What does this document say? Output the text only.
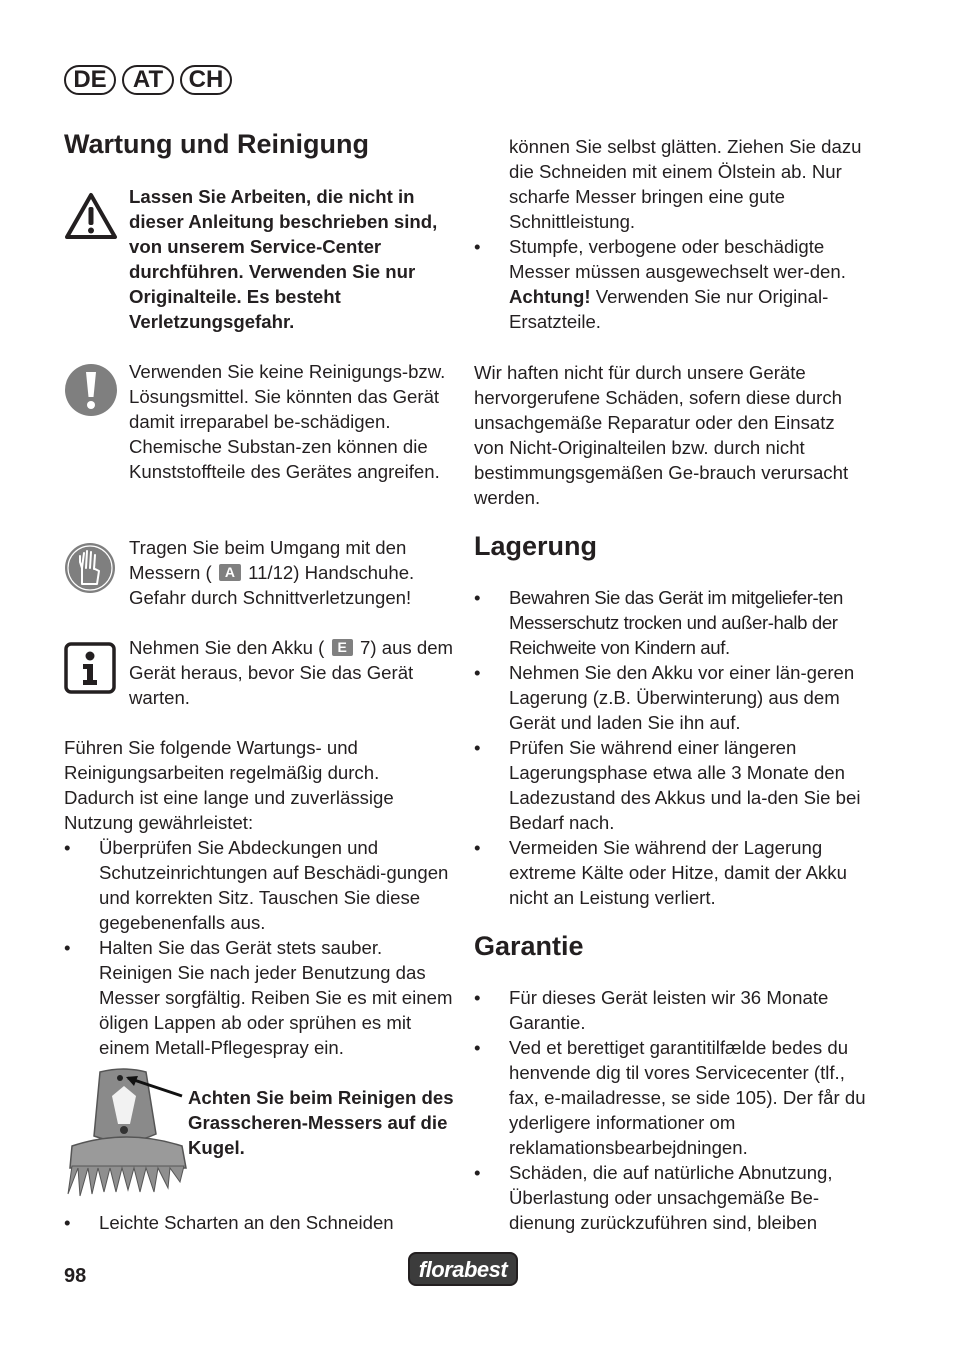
DE	AT	CH
Wartung und Reinigung

Lassen Sie Arbeiten, die nicht in dieser Anleitung beschrieben sind, von unserem Service-Center durchführen. Verwenden Sie nur Originalteile. Es besteht Verletzungsgefahr.

Verwenden Sie keine Reinigungs-bzw. Lösungsmittel. Sie könnten das Gerät damit irreparabel be-schädigen. Chemische Substan-zen können die Kunststoffteile des Gerätes angreifen.

Tragen Sie beim Umgang mit den Messern ( A 11/12) Handschuhe. Gefahr durch Schnittverletzungen!

Nehmen Sie den Akku ( E 7) aus dem Gerät heraus, bevor Sie das Gerät warten.

Führen Sie folgende Wartungs- und Reinigungsarbeiten regelmäßig durch. Dadurch ist eine lange und zuverlässige Nutzung gewährleistet:

• Überprüfen Sie Abdeckungen und Schutzeinrichtungen auf Beschädi-gungen und korrekten Sitz. Tauschen Sie diese gegebenenfalls aus.
• Halten Sie das Gerät stets sauber. Reinigen Sie nach jeder Benutzung das Messer sorgfältig. Reiben Sie es mit einem öligen Lappen ab oder sprühen es mit einem Metall-Pflegespray ein.

Achten Sie beim Reinigen des Grasscheren-Messers auf die Kugel.

• Leichte Scharten an den Schneiden

können Sie selbst glätten. Ziehen Sie dazu die Schneiden mit einem Ölstein ab. Nur scharfe Messer bringen eine gute Schnittleistung.

• Stumpfe, verbogene oder beschädigte Messer müssen ausgewechselt wer-den. Achtung! Verwenden Sie nur Original-Ersatzteile.

Wir haften nicht für durch unsere Geräte hervorgerufene Schäden, sofern diese durch unsachgemäße Reparatur oder den Einsatz von Nicht-Originalteilen bzw. durch nicht bestimmungsgemäßen Ge-brauch verursacht werden.

Lagerung
• Bewahren Sie das Gerät im mitgeliefer-ten Messerschutz trocken und außer-halb der Reichweite von Kindern auf.
• Nehmen Sie den Akku vor einer län-geren Lagerung (z.B. Überwinterung) aus dem Gerät und laden Sie ihn auf.
• Prüfen Sie während einer längeren Lagerungsphase etwa alle 3 Monate den Ladezustand des Akkus und la-den Sie bei Bedarf nach.
• Vermeiden Sie während der Lagerung extreme Kälte oder Hitze, damit der Akku nicht an Leistung verliert.
Garantie
• Für dieses Gerät leisten wir 36 Monate Garantie.
• Ved et berettiget garantitilfælde bedes du henvende dig til vores Servicecenter (tlf., fax, e-mailadresse, se side 105). Der får du yderligere informationer om reklamationsbearbejdningen.
• Schäden, die auf natürliche Abnutzung, Überlastung oder unsachgemäße Be-dienung zurückzuführen sind, bleiben
98	florabest
